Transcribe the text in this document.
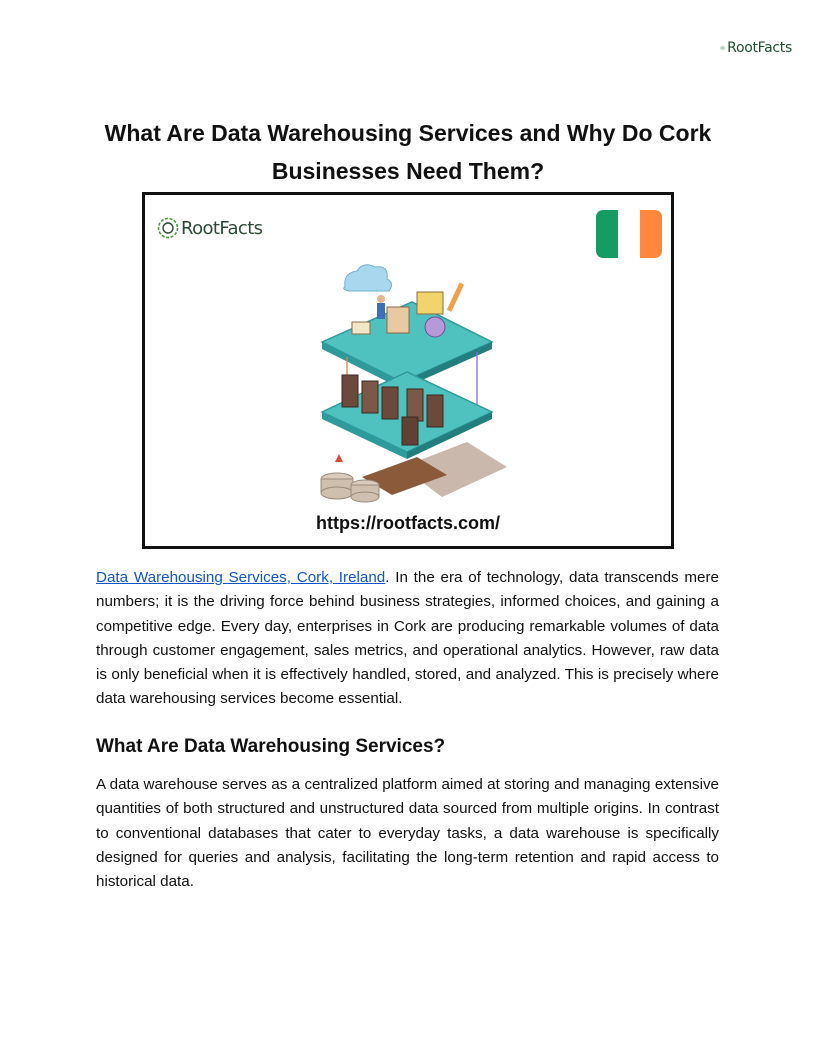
RootFacts
What Are Data Warehousing Services and Why Do Cork Businesses Need Them?
RootFacts
https://rootfacts.com/

Data Warehousing Services, Cork, Ireland. In the era of technology, data transcends mere numbers; it is the driving force behind business strategies, informed choices, and gaining a competitive edge. Every day, enterprises in Cork are producing remarkable volumes of data through customer engagement, sales metrics, and operational analytics. However, raw data is only beneficial when it is effectively handled, stored, and analyzed. This is precisely where data warehousing services become essential.

What Are Data Warehousing Services?

A data warehouse serves as a centralized platform aimed at storing and managing extensive quantities of both structured and unstructured data sourced from multiple origins. In contrast to conventional databases that cater to everyday tasks, a data warehouse is specifically designed for queries and analysis, facilitating the long-term retention and rapid access to historical data.
